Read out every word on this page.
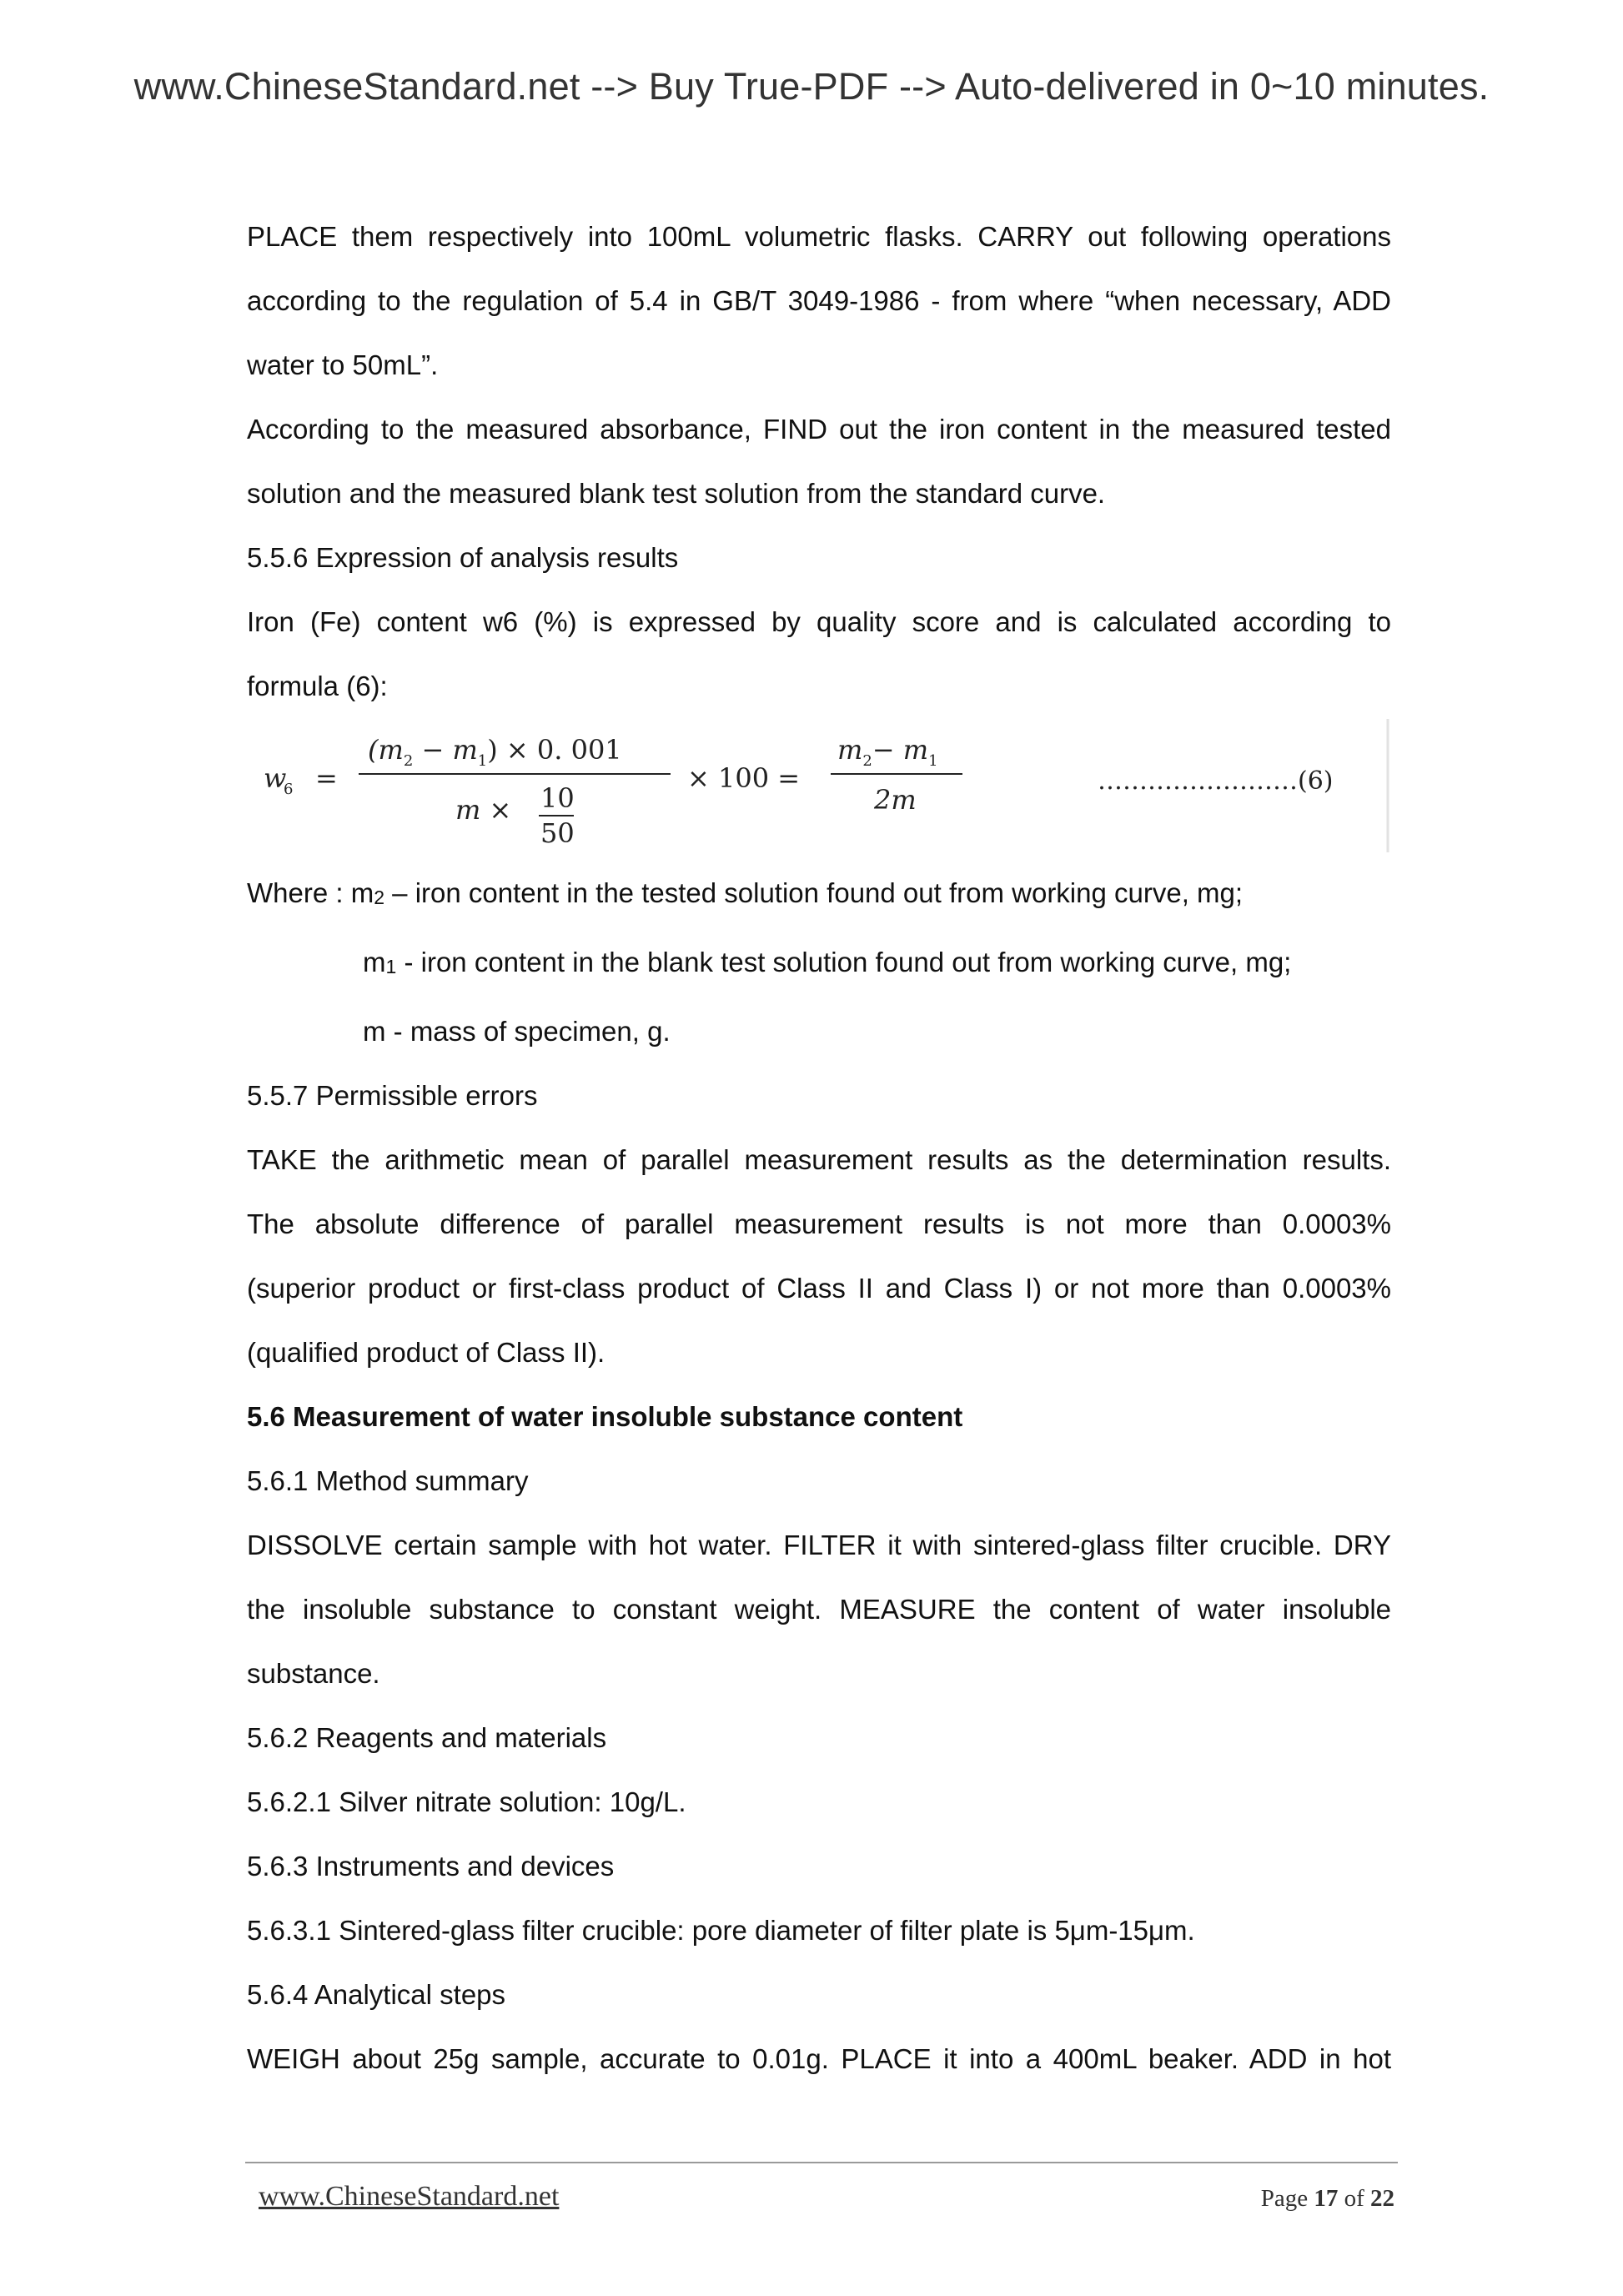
www.ChineseStandard.net --> Buy True-PDF --> Auto-delivered in 0~10 minutes.
PLACE them respectively into 100mL volumetric flasks. CARRY out following operations
according to the regulation of 5.4 in GB/T 3049-1986 - from where “when necessary, ADD
water to 50mL”.
According to the measured absorbance, FIND out the iron content in the measured tested
solution and the measured blank test solution from the standard curve.
5.5.6 Expression of analysis results
Iron (Fe) content w6 (%) is expressed by quality score and is calculated according to
formula (6):
w
6 =
$(m_2 - m_1) \times 0$. 001
m × 10
50
× 100 =
$m_2- m_1$
2m
……………………(6)
Where : $m_2$ – iron content in the tested solution found out from working curve, mg;
$m_1$ - iron content in the blank test solution found out from working curve, mg;
m - mass of specimen, g.
5.5.7 Permissible errors
TAKE the arithmetic mean of parallel measurement results as the determination results.
The absolute difference of parallel measurement results is not more than 0.0003%
(superior product or first-class product of Class II and Class I) or not more than 0.0003%
(qualified product of Class II).
5.6 Measurement of water insoluble substance content
5.6.1 Method summary
DISSOLVE certain sample with hot water. FILTER it with sintered-glass filter crucible. DRY
the insoluble substance to constant weight. MEASURE the content of water insoluble
substance.
5.6.2 Reagents and materials
5.6.2.1 Silver nitrate solution: 10g/L.
5.6.3 Instruments and devices
5.6.3.1 Sintered-glass filter crucible: pore diameter of filter plate is 5μm-15μm.
5.6.4 Analytical steps
WEIGH about 25g sample, accurate to 0.01g. PLACE it into a 400mL beaker. ADD in hot
www.ChineseStandard.net	Page 17 of 22
